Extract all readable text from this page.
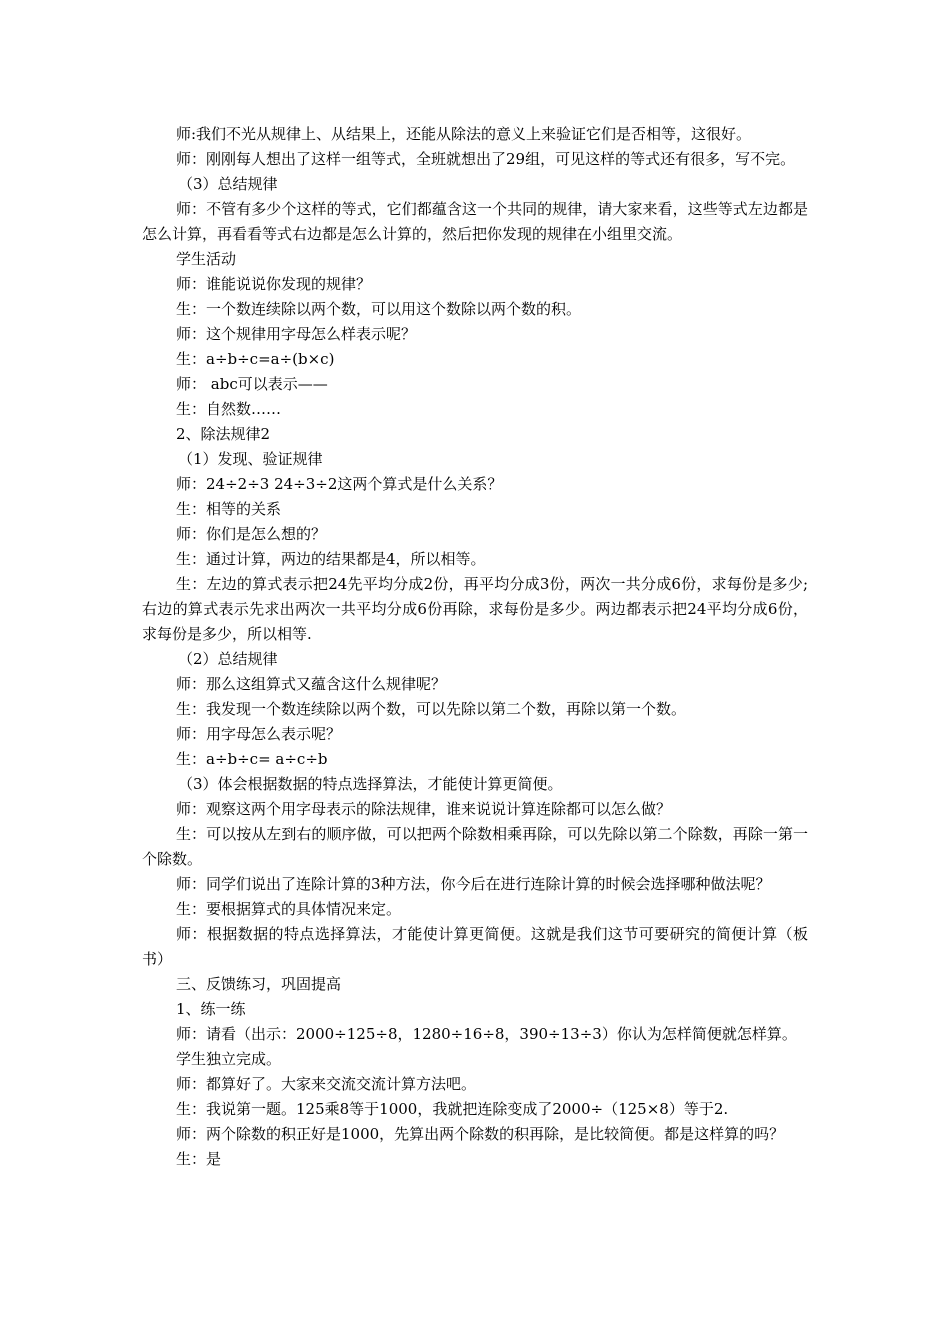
师:我们不光从规律上、从结果上，还能从除法的意义上来验证它们是否相等，这很好。

师：刚刚每人想出了这样一组等式，全班就想出了29组，可见这样的等式还有很多，写不完。

（3）总结规律

师：不管有多少个这样的等式，它们都蕴含这一个共同的规律，请大家来看，这些等式左边都是怎么计算，再看看等式右边都是怎么计算的，然后把你发现的规律在小组里交流。

学生活动

师：谁能说说你发现的规律？

生：一个数连续除以两个数，可以用这个数除以两个数的积。

师：这个规律用字母怎么样表示呢？

生：a÷b÷c=a÷(b×c)

师： abc可以表示——

生：自然数……

2、除法规律2

（1）发现、验证规律

师：24÷2÷3 24÷3÷2这两个算式是什么关系？

生：相等的关系

师：你们是怎么想的？

生：通过计算，两边的结果都是4，所以相等。

生：左边的算式表示把24先平均分成2份，再平均分成3份，两次一共分成6份，求每份是多少;右边的算式表示先求出两次一共平均分成6份再除，求每份是多少。两边都表示把24平均分成6份，求每份是多少，所以相等.

（2）总结规律

师：那么这组算式又蕴含这什么规律呢？

生：我发现一个数连续除以两个数，可以先除以第二个数，再除以第一个数。

师：用字母怎么表示呢？

生：a÷b÷c= a÷c÷b

（3）体会根据数据的特点选择算法，才能使计算更简便。

师：观察这两个用字母表示的除法规律，谁来说说计算连除都可以怎么做？

生：可以按从左到右的顺序做，可以把两个除数相乘再除，可以先除以第二个除数，再除一第一个除数。

师：同学们说出了连除计算的3种方法，你今后在进行连除计算的时候会选择哪种做法呢？

生：要根据算式的具体情况来定。

师：根据数据的特点选择算法，才能使计算更简便。这就是我们这节可要研究的简便计算（板书）

三、反馈练习，巩固提高

1、练一练

师：请看（出示：2000÷125÷8，1280÷16÷8，390÷13÷3）你认为怎样简便就怎样算。

学生独立完成。

师：都算好了。大家来交流交流计算方法吧。

生：我说第一题。125乘8等于1000，我就把连除变成了2000÷（125×8）等于2.

师：两个除数的积正好是1000，先算出两个除数的积再除，是比较简便。都是这样算的吗？

生：是
